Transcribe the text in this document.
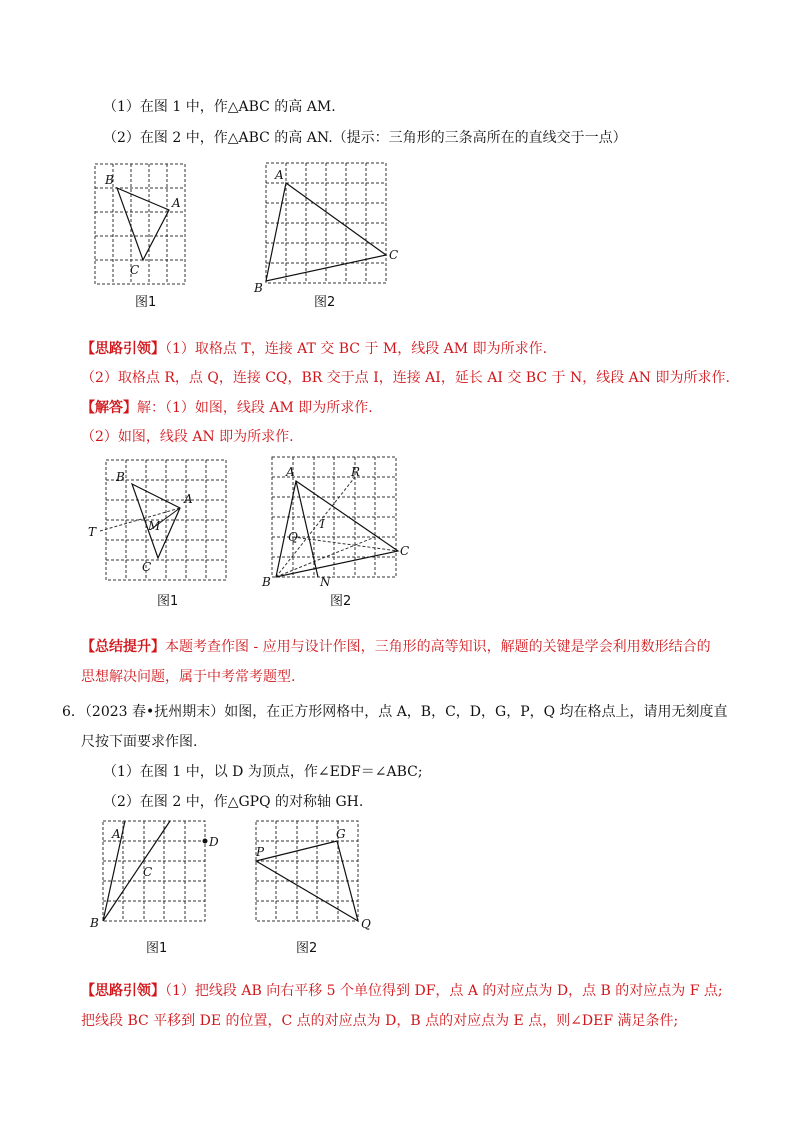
（1）在图 1 中，作△ABC 的高 AM.
（2）在图 2 中，作△ABC 的高 AN.（提示：三角形的三条高所在的直线交于一点）
B
A
C
图1
A
C
B
图2
【思路引领】（1）取格点 T，连接 AT 交 BC 于 M，线段 AM 即为所求作.
（2）取格点 R，点 Q，连接 CQ，BR 交于点 I，连接 AI，延长 AI 交 BC 于 N，线段 AN 即为所求作.
【解答】解：（1）如图，线段 AM 即为所求作.
（2）如图，线段 AN 即为所求作.
B
A
M
C
T
图1
A	R
I
Q
C
B	N
图2
【总结提升】本题考查作图 - 应用与设计作图，三角形的高等知识，解题的关键是学会利用数形结合的
思想解决问题，属于中考常考题型.
6．（2023 春•抚州期末）如图，在正方形网格中，点 A，B，C，D，G，P，Q 均在格点上，请用无刻度直
尺按下面要求作图.
（1）在图 1 中，以 D 为顶点，作∠EDF＝∠ABC;
（2）在图 2 中，作△GPQ 的对称轴 GH.
A
D
C
B
图1
P
G
Q
图2
【思路引领】（1）把线段 AB 向右平移 5 个单位得到 DF，点 A 的对应点为 D，点 B 的对应点为 F 点;
把线段 BC 平移到 DE 的位置，C 点的对应点为 D，B 点的对应点为 E 点，则∠DEF 满足条件;
